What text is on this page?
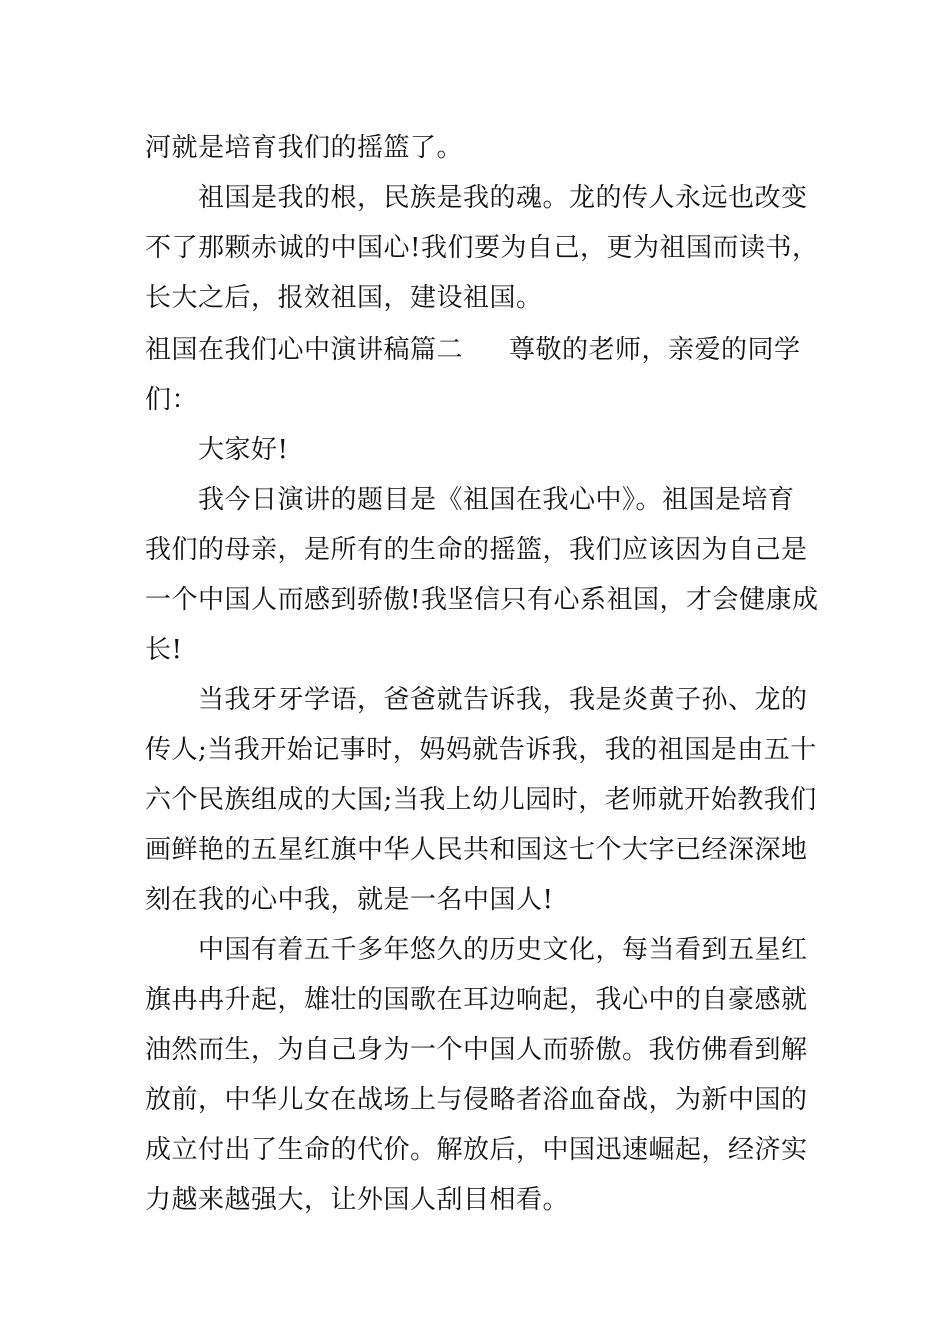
河就是培育我们的摇篮了。
祖国是我的根，民族是我的魂。龙的传人永远也改变
不了那颗赤诚的中国心!我们要为自己，更为祖国而读书，
长大之后，报效祖国，建设祖国。
祖国在我们心中演讲稿篇二 尊敬的老师，亲爱的同学
们：
大家好!
我今日演讲的题目是《祖国在我心中》。祖国是培育
我们的母亲，是所有的生命的摇篮，我们应该因为自己是
一个中国人而感到骄傲!我坚信只有心系祖国，才会健康成
长!
当我牙牙学语，爸爸就告诉我，我是炎黄子孙、龙的
传人;当我开始记事时，妈妈就告诉我，我的祖国是由五十
六个民族组成的大国;当我上幼儿园时，老师就开始教我们
画鲜艳的五星红旗中华人民共和国这七个大字已经深深地
刻在我的心中我，就是一名中国人!
中国有着五千多年悠久的历史文化，每当看到五星红
旗冉冉升起，雄壮的国歌在耳边响起，我心中的自豪感就
油然而生，为自己身为一个中国人而骄傲。我仿佛看到解
放前，中华儿女在战场上与侵略者浴血奋战，为新中国的
成立付出了生命的代价。解放后，中国迅速崛起，经济实
力越来越强大，让外国人刮目相看。
